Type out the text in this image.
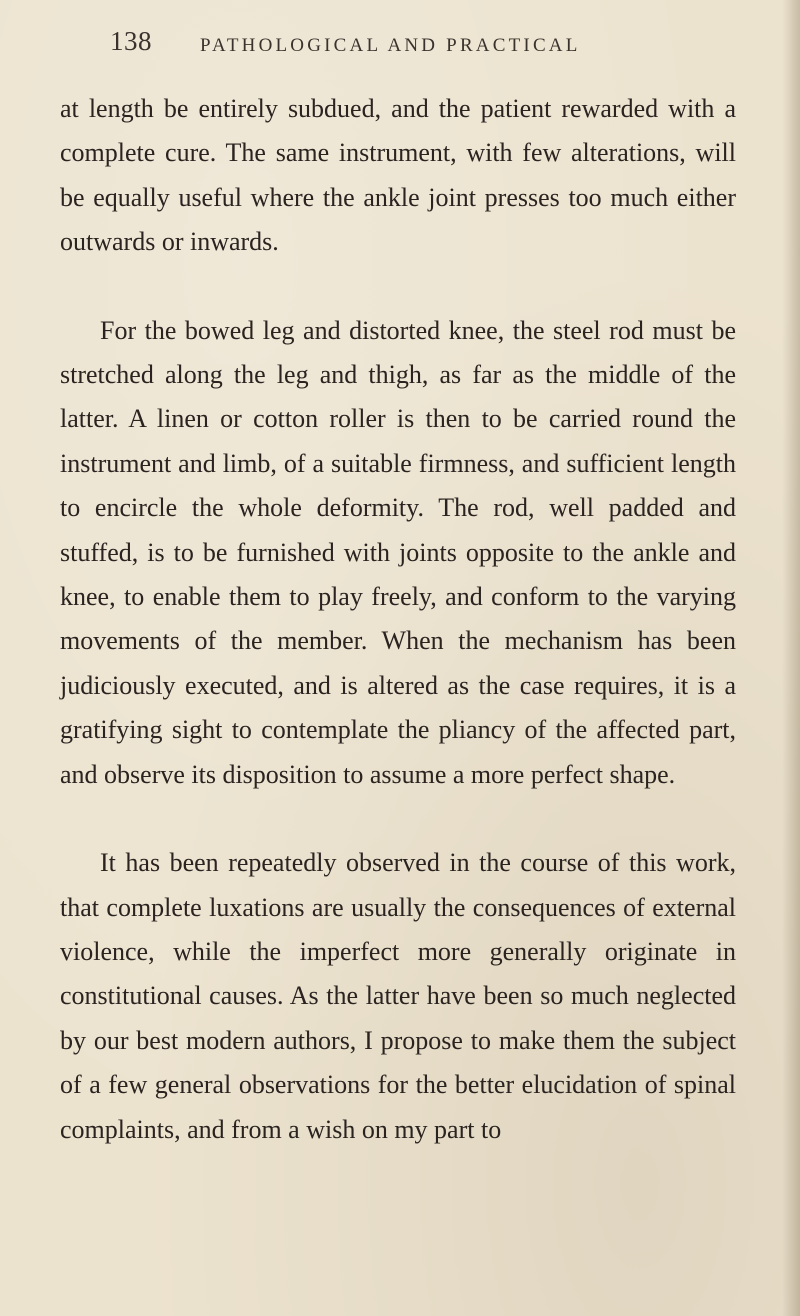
138	PATHOLOGICAL AND PRACTICAL

at length be entirely subdued, and the patient rewarded with a complete cure. The same instrument, with few alterations, will be equally useful where the ankle joint presses too much either outwards or inwards.

For the bowed leg and distorted knee, the steel rod must be stretched along the leg and thigh, as far as the middle of the latter. A linen or cotton roller is then to be carried round the instrument and limb, of a suitable firmness, and sufficient length to encircle the whole deformity. The rod, well padded and stuffed, is to be furnished with joints opposite to the ankle and knee, to enable them to play freely, and conform to the varying movements of the member. When the mechanism has been judiciously executed, and is altered as the case requires, it is a gratifying sight to contemplate the pliancy of the affected part, and observe its disposition to assume a more perfect shape.

It has been repeatedly observed in the course of this work, that complete luxations are usually the consequences of external violence, while the imperfect more generally originate in constitutional causes. As the latter have been so much neglected by our best modern authors, I propose to make them the subject of a few general observations for the better elucidation of spinal complaints, and from a wish on my part to
